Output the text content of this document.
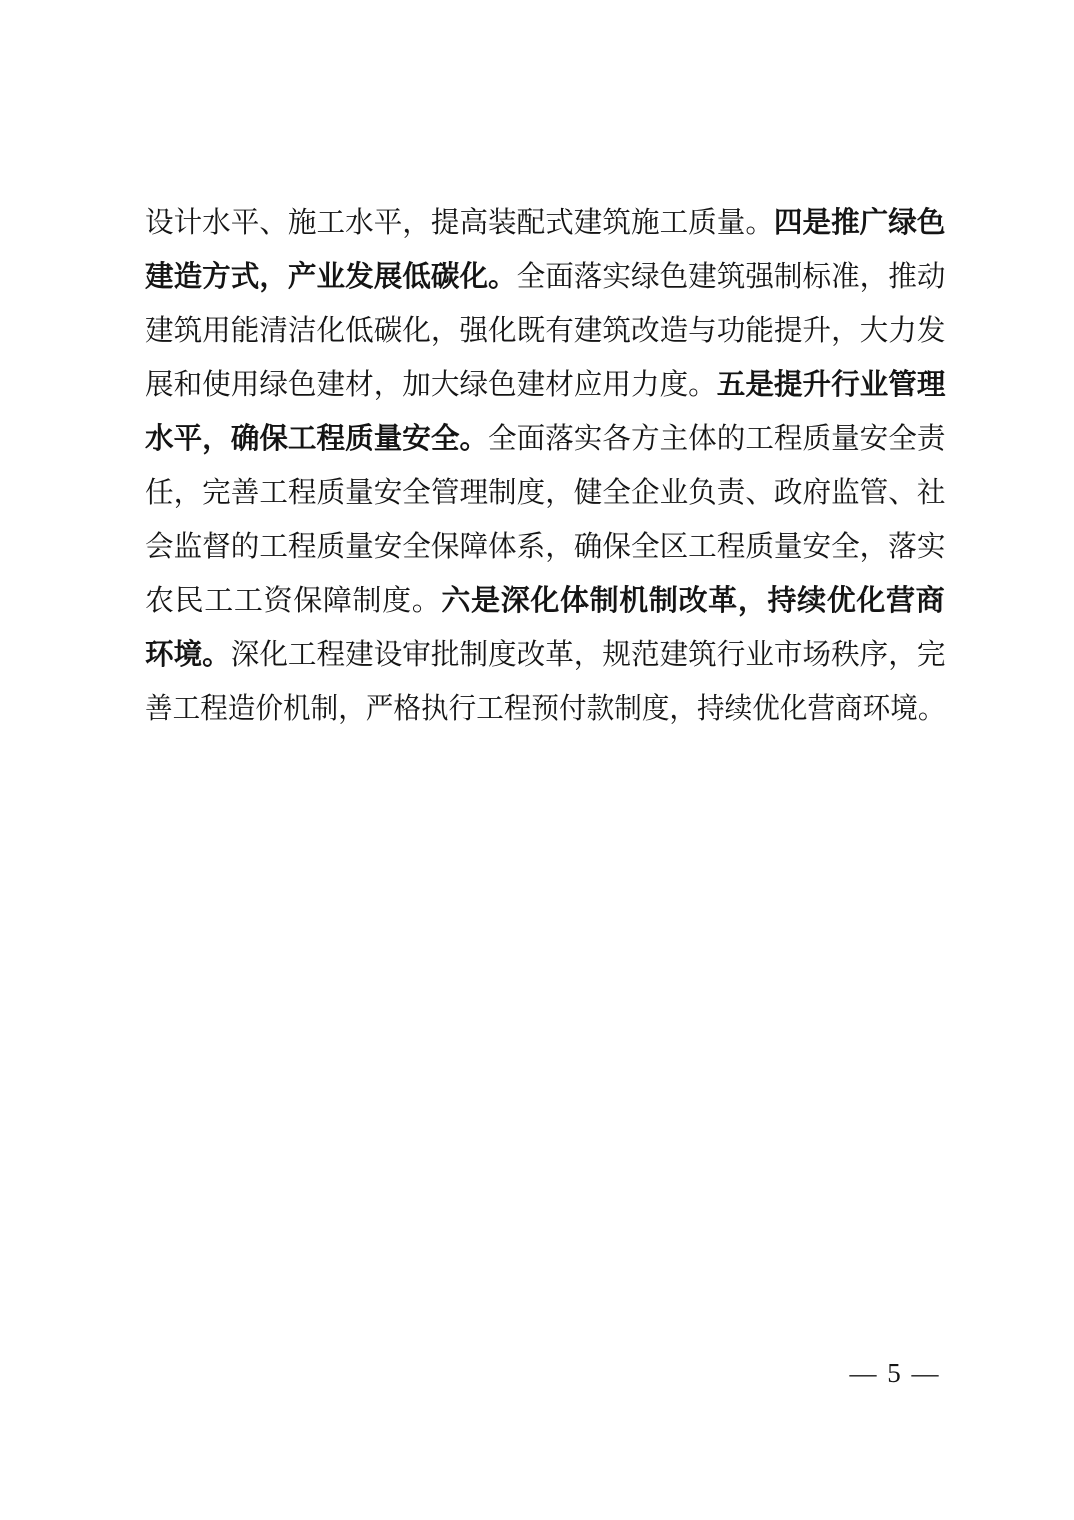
设 计 水 平 、 施 工 水 平 ， 提 高 装 配 式 建 筑 施 工 质 量 。 四 是 推 广 绿 色
建 造 方 式 ， 产 业 发 展 低 碳 化 。 全 面 落 实 绿 色 建 筑 强 制 标 准 ， 推 动
建 筑 用 能 清 洁 化 低 碳 化 ， 强 化 既 有 建 筑 改 造 与 功 能 提 升 ， 大 力 发
展 和 使 用 绿 色 建 材 ， 加 大 绿 色 建 材 应 用 力 度 。 五 是 提 升 行 业 管 理
水 平 ， 确 保 工 程 质 量 安 全 。 全 面 落 实 各 方 主 体 的 工 程 质 量 安 全 责
任 ， 完 善 工 程 质 量 安 全 管 理 制 度 ， 健 全 企 业 负 责 、 政 府 监 管 、 社
会 监 督 的 工 程 质 量 安 全 保 障 体 系 ， 确 保 全 区 工 程 质 量 安 全 ， 落 实
农 民 工 工 资 保 障 制 度 。 六 是 深 化 体 制 机 制 改 革 ， 持 续 优 化 营 商
环 境 。 深 化 工 程 建 设 审 批 制 度 改 革 ， 规 范 建 筑 行 业 市 场 秩 序 ， 完
善 工 程 造 价 机 制 ， 严 格 执 行 工 程 预 付 款 制 度 ， 持 续 优 化 营 商 环 境 。
— 5 —
